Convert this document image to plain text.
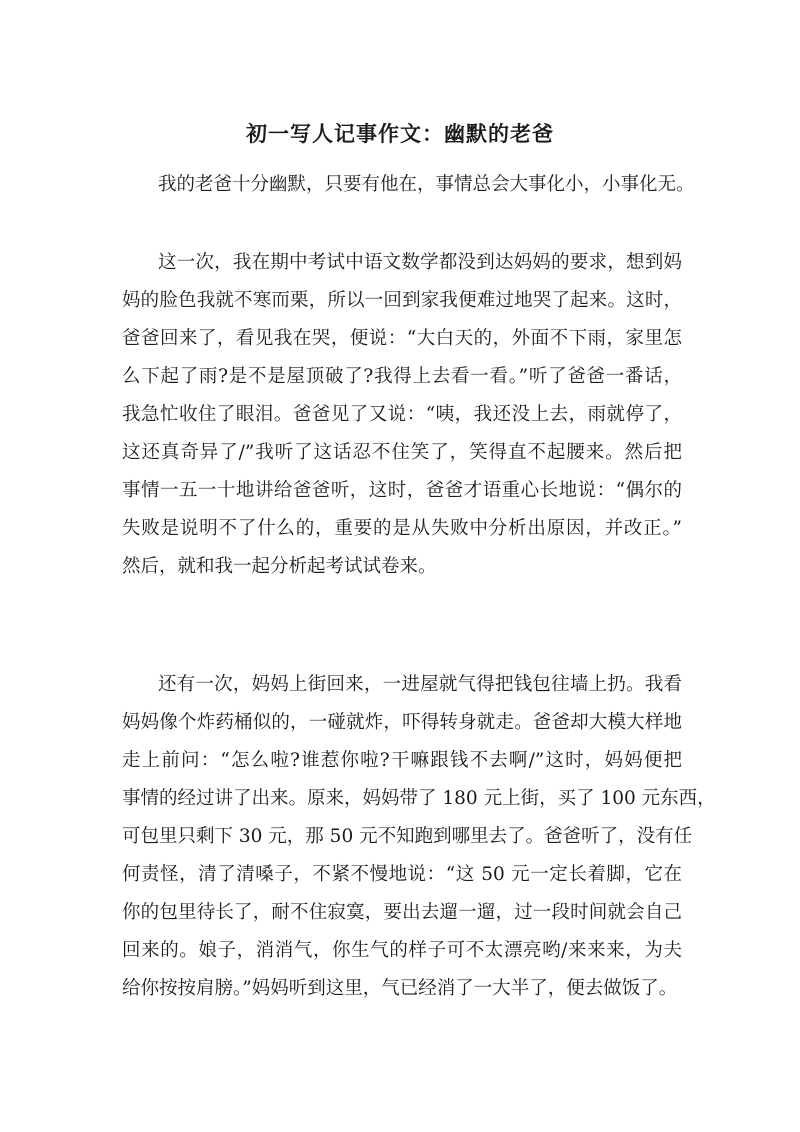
初一写人记事作文：幽默的老爸
我的老爸十分幽默，只要有他在，事情总会大事化小，小事化无。
这一次，我在期中考试中语文数学都没到达妈妈的要求，想到妈
妈的脸色我就不寒而栗，所以一回到家我便难过地哭了起来。这时，
爸爸回来了，看见我在哭，便说：“大白天的，外面不下雨，家里怎
么下起了雨?是不是屋顶破了?我得上去看一看。”听了爸爸一番话，
我急忙收住了眼泪。爸爸见了又说：“咦，我还没上去，雨就停了，
这还真奇异了/”我听了这话忍不住笑了，笑得直不起腰来。然后把
事情一五一十地讲给爸爸听，这时，爸爸才语重心长地说：“偶尔的
失败是说明不了什么的，重要的是从失败中分析出原因，并改正。”
然后，就和我一起分析起考试试卷来。
还有一次，妈妈上街回来，一进屋就气得把钱包往墙上扔。我看
妈妈像个炸药桶似的，一碰就炸，吓得转身就走。爸爸却大模大样地
走上前问：“怎么啦?谁惹你啦?干嘛跟钱不去啊/”这时，妈妈便把
事情的经过讲了出来。原来，妈妈带了 180 元上街，买了 100 元东西，
可包里只剩下 30 元，那 50 元不知跑到哪里去了。爸爸听了，没有任
何责怪，清了清嗓子，不紧不慢地说：“这 50 元一定长着脚，它在
你的包里待长了，耐不住寂寞，要出去遛一遛，过一段时间就会自己
回来的。娘子，消消气，你生气的样子可不太漂亮哟/来来来，为夫
给你按按肩膀。”妈妈听到这里，气已经消了一大半了，便去做饭了。
